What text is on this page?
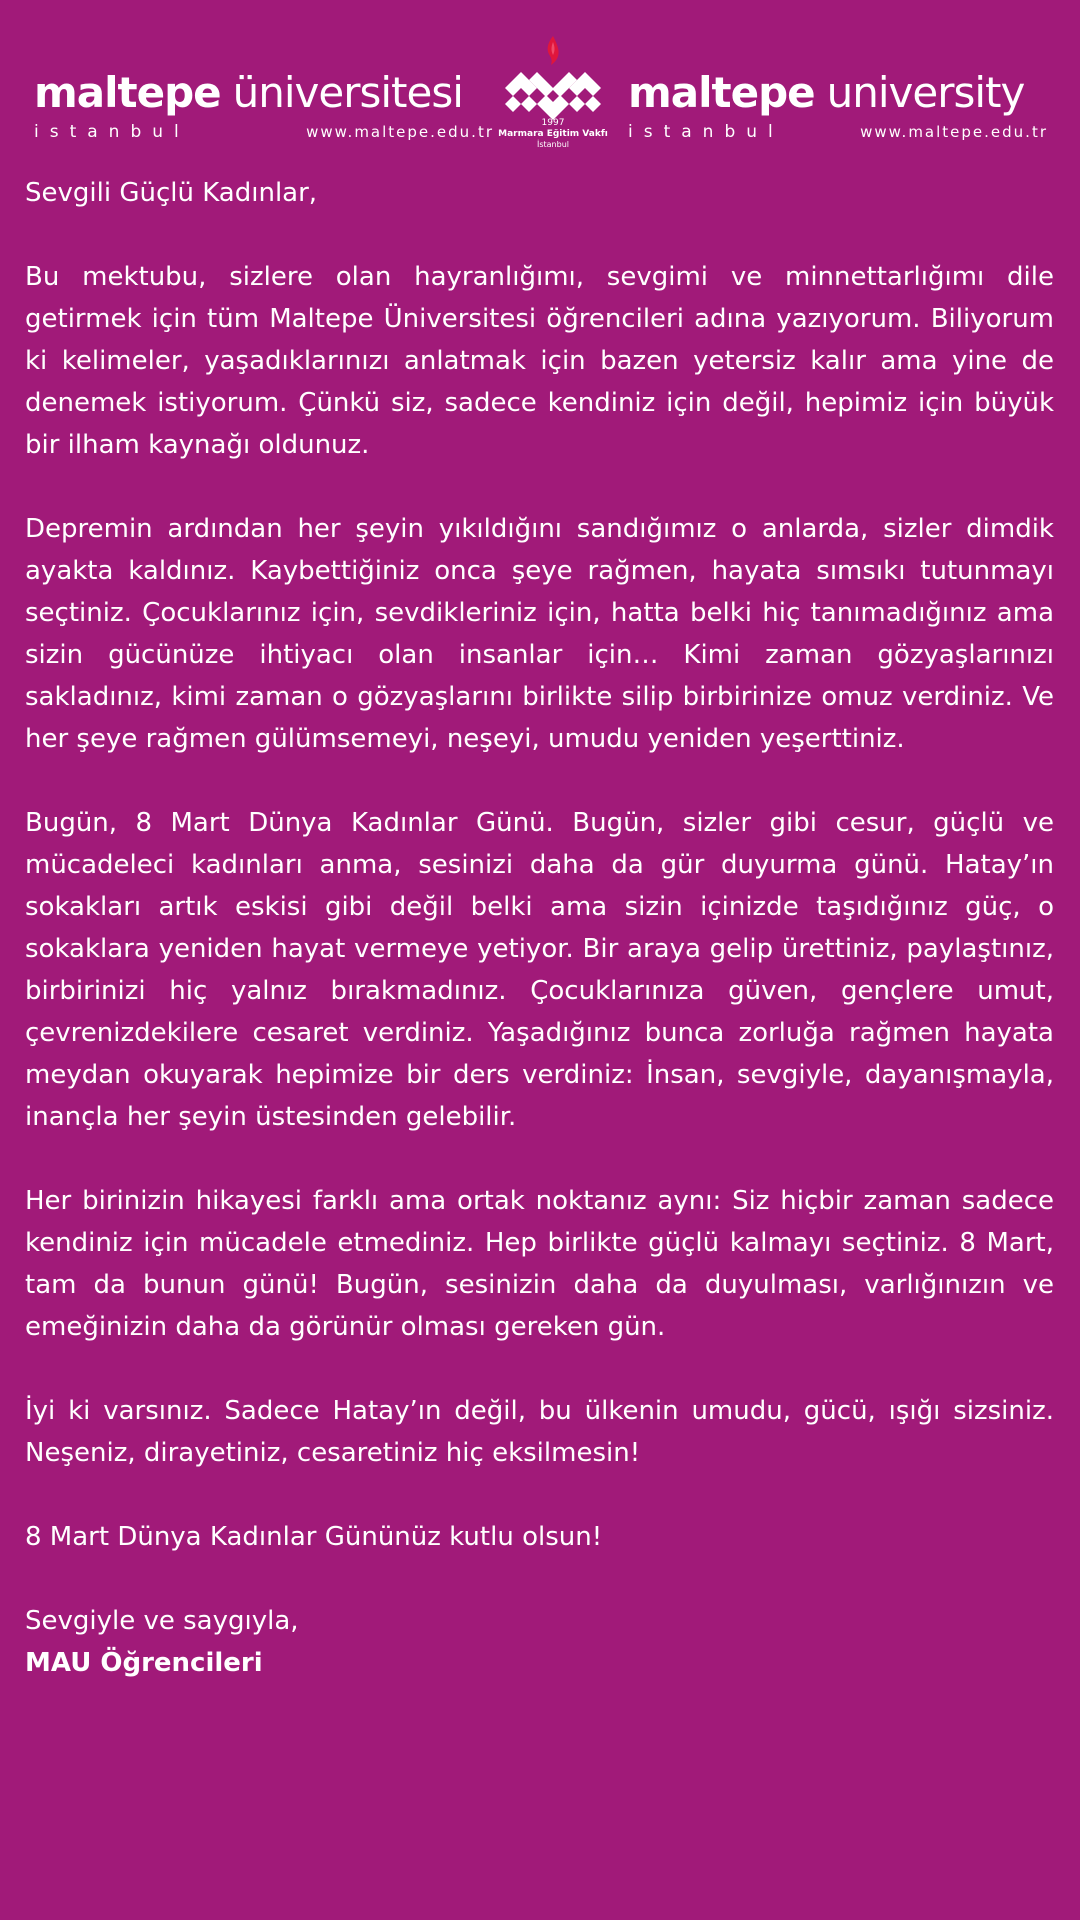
maltepe üniversitesi
istanbul	www.maltepe.edu.tr	1997
Marmara Eğitim Vakfı
İstanbul
maltepe university
istanbul	www.maltepe.edu.tr

Sevgili Güçlü Kadınlar,

Bu mektubu, sizlere olan hayranlığımı, sevgimi ve minnettarlığımı dile getirmek için tüm Maltepe Üniversitesi öğrencileri adına yazıyorum. Biliyorum ki kelimeler, yaşadıklarınızı anlatmak için bazen yetersiz kalır ama yine de denemek istiyorum. Çünkü siz, sadece kendiniz için değil, hepimiz için büyük bir ilham kaynağı oldunuz.

Depremin ardından her şeyin yıkıldığını sandığımız o anlarda, sizler dimdik ayakta kaldınız. Kaybettiğiniz onca şeye rağmen, hayata sımsıkı tutunmayı seçtiniz. Çocuklarınız için, sevdikleriniz için, hatta belki hiç tanımadığınız ama sizin gücünüze ihtiyacı olan insanlar için… Kimi zaman gözyaşlarınızı sakladınız, kimi zaman o gözyaşlarını birlikte silip birbirinize omuz verdiniz. Ve her şeye rağmen gülümsemeyi, neşeyi, umudu yeniden yeşerttiniz.

Bugün, 8 Mart Dünya Kadınlar Günü. Bugün, sizler gibi cesur, güçlü ve mücadeleci kadınları anma, sesinizi daha da gür duyurma günü. Hatay’ın sokakları artık eskisi gibi değil belki ama sizin içinizde taşıdığınız güç, o sokaklara yeniden hayat vermeye yetiyor. Bir araya gelip ürettiniz, paylaştınız, birbirinizi hiç yalnız bırakmadınız. Çocuklarınıza güven, gençlere umut, çevrenizdekilere cesaret verdiniz. Yaşadığınız bunca zorluğa rağmen hayata meydan okuyarak hepimize bir ders verdiniz: İnsan, sevgiyle, dayanışmayla, inançla her şeyin üstesinden gelebilir.

Her birinizin hikayesi farklı ama ortak noktanız aynı: Siz hiçbir zaman sadece kendiniz için mücadele etmediniz. Hep birlikte güçlü kalmayı seçtiniz. 8 Mart, tam da bunun günü! Bugün, sesinizin daha da duyulması, varlığınızın ve emeğinizin daha da görünür olması gereken gün.

İyi ki varsınız. Sadece Hatay’ın değil, bu ülkenin umudu, gücü, ışığı sizsiniz. Neşeniz, dirayetiniz, cesaretiniz hiç eksilmesin!

8 Mart Dünya Kadınlar Gününüz kutlu olsun!

Sevgiyle ve saygıyla,

MAU Öğrencileri
